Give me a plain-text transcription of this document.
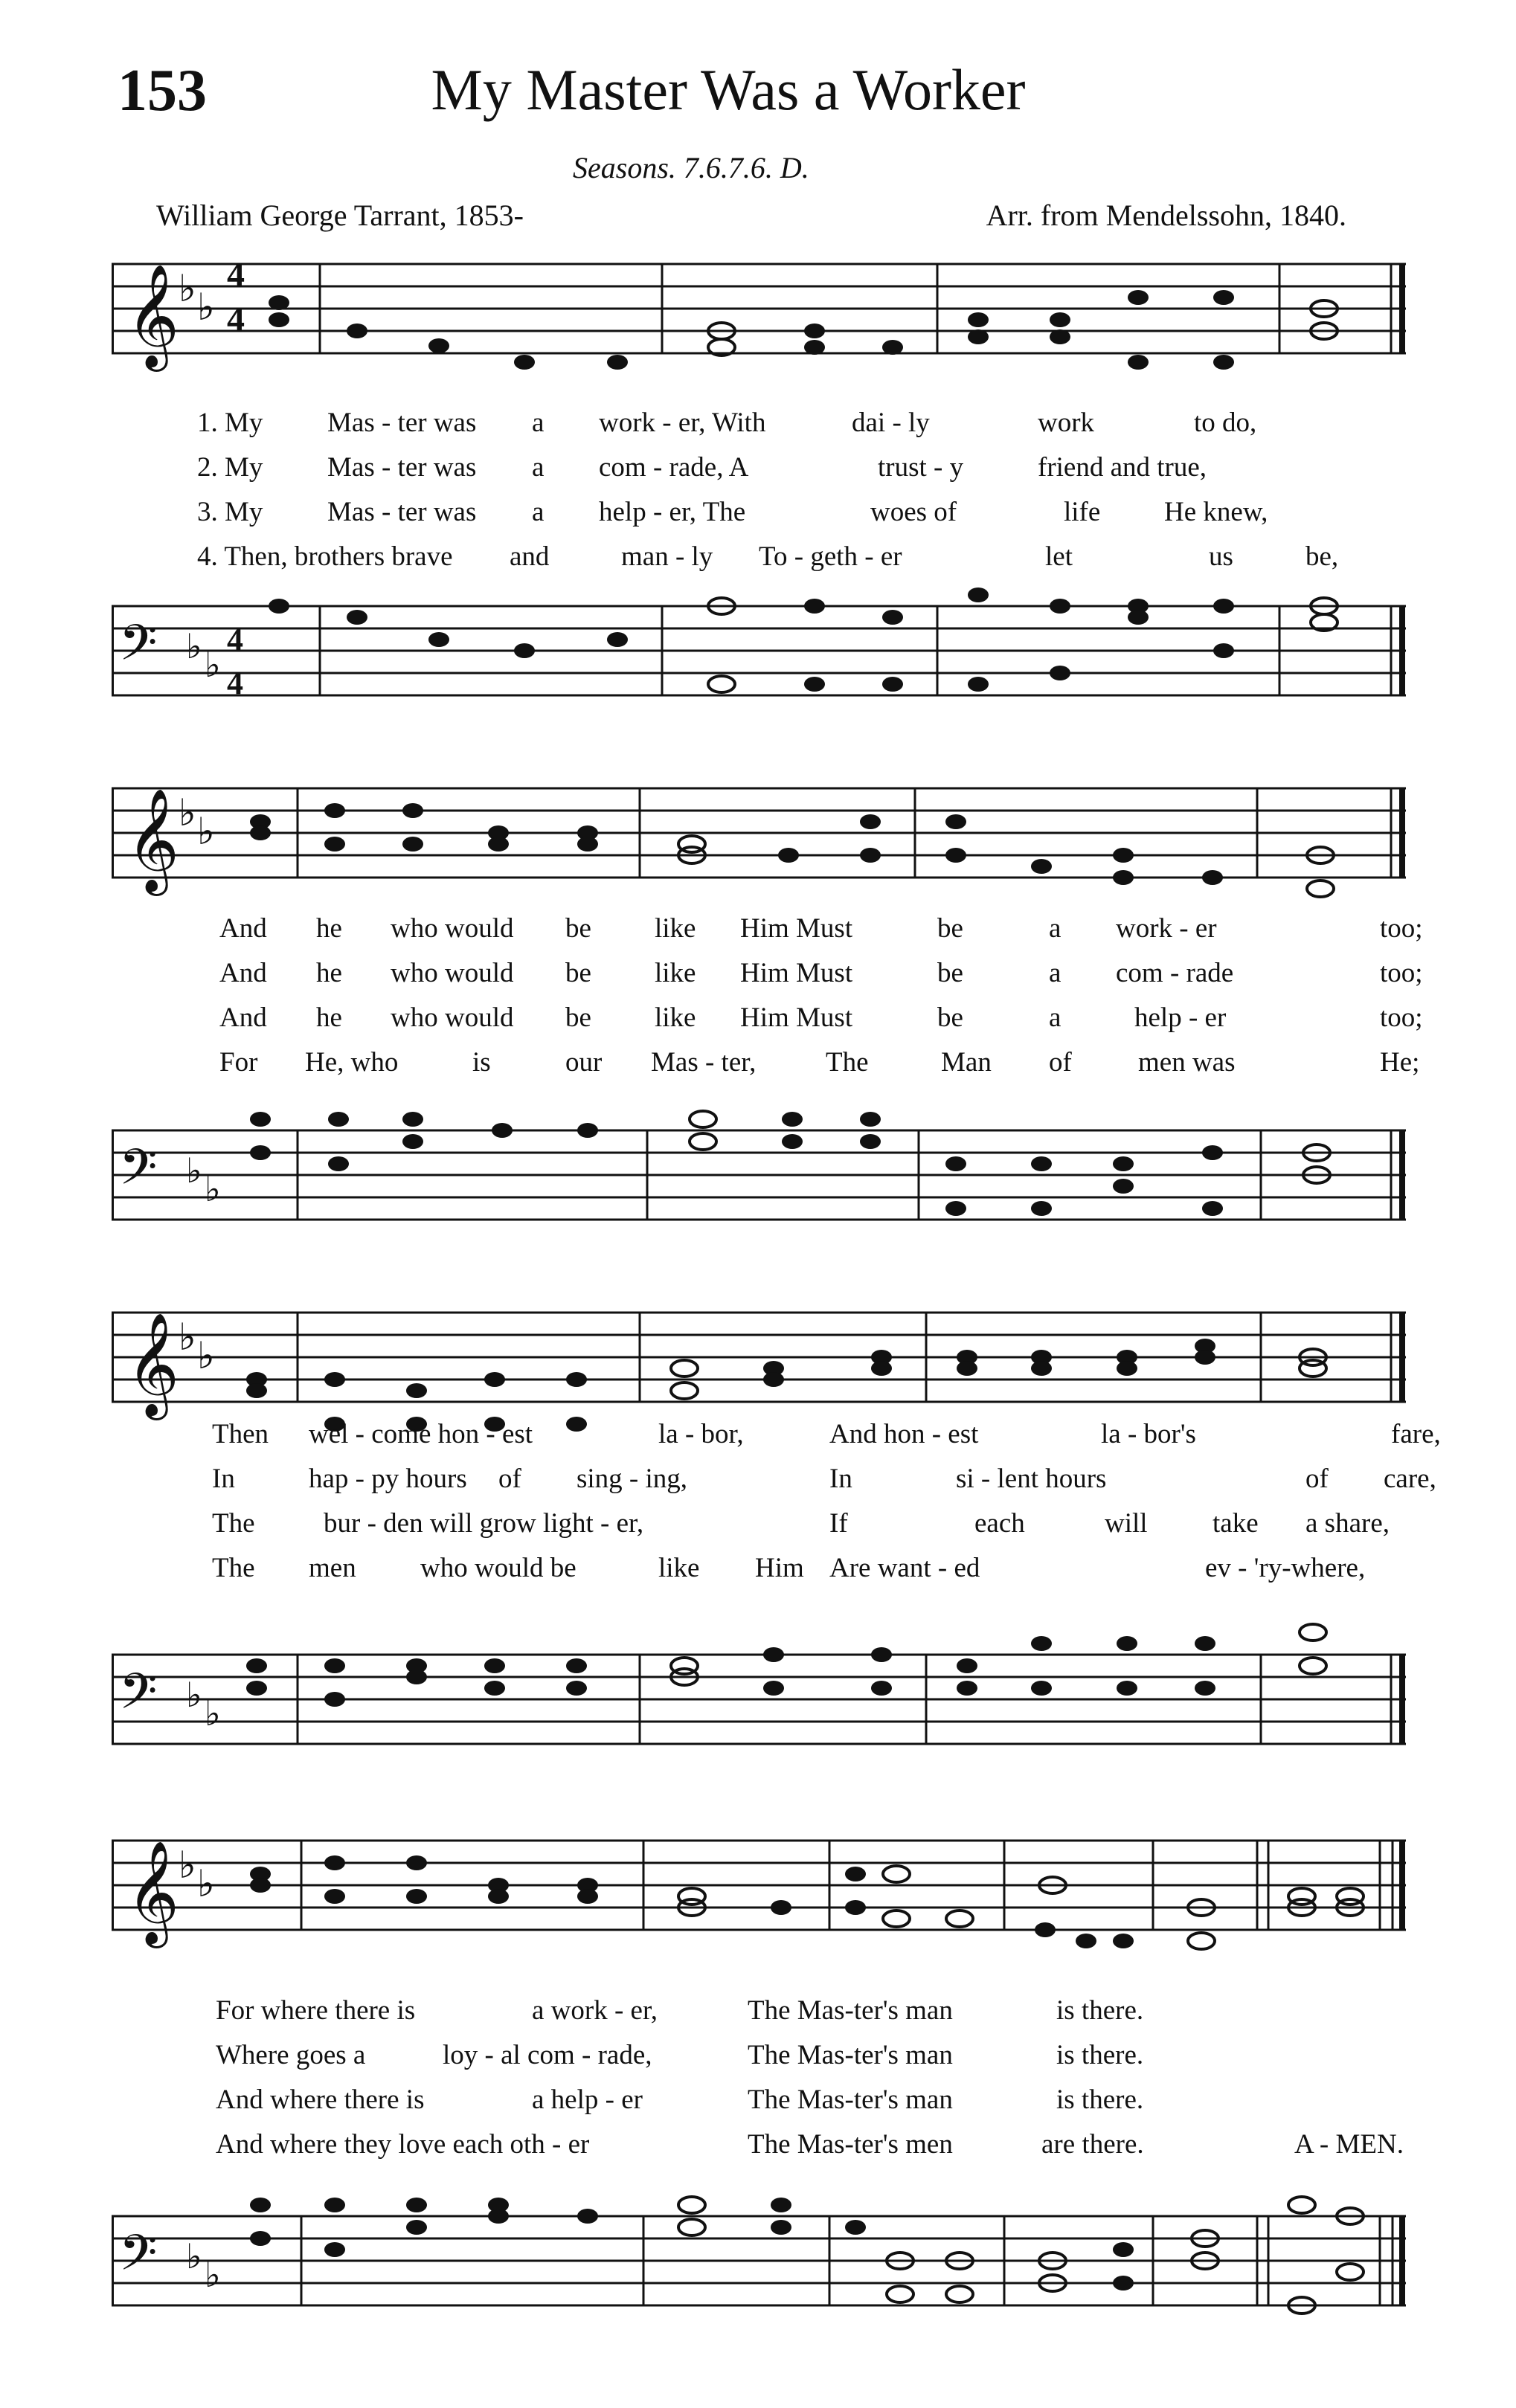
153	My Master Was a Worker
Seasons. 7.6.7.6. D.
William George Tarrant, 1853-	Arr. from Mendelssohn, 1840.
𝄞 ♭ ♭
4
4
1. My Mas - ter was a work - er, With	dai - ly	work	to do,
2. My Mas - ter was a com - rade, A	trust - y	friend and true,
3. My Mas - ter was a help - er, The	woes of	life He knew,
4. Then, brothers brave and	man - ly To - geth - er	let	us	be,
𝄢 ♭ ♭
4
4
𝄞 ♭ ♭
And he who would be like Him Must	be	a work - er	too;
And he who would be like Him Must	be	a com - rade	too;
And he who would be like Him Must	be	a	help - er	too;
For He, who	is	our Mas - ter,	The	Man of men was	He;
𝄢 ♭ ♭
𝄞 ♭ ♭
Then wel - come hon - est	la - bor,	And hon - est	la - bor's	fare,
In	hap - py hours of sing - ing,	In	si - lent hours	of care,
The bur - den will grow light - er,	If	each	will take a share,
The men who would be	like Him Are want - ed	ev - 'ry-where,
𝄢 ♭ ♭
𝄞 ♭ ♭
For where there is	a work - er,	The Mas-ter's man	is there.
Where goes a	loy - al com - rade,	The Mas-ter's man	is there.
And where there is	a help - er	The Mas-ter's man	is there.
And where they love each oth - er	The Mas-ter's men	are there.	A - MEN.
𝄢 ♭ ♭
